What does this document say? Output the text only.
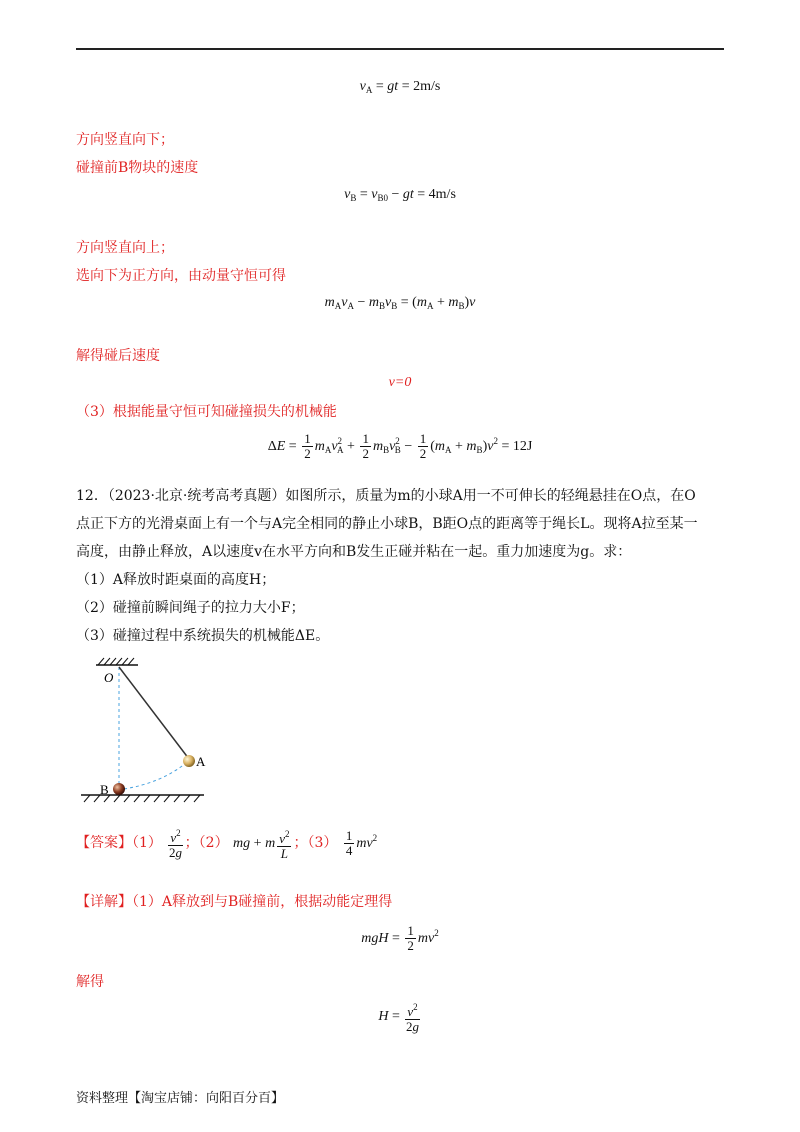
$v_A$ = gt = 2m/s
方向竖直向下；
碰撞前B物块的速度
$v_B = v_{B0}$ − gt = 4m/s
方向竖直向上；
选向下为正方向，由动量守恒可得
$m_Av_A - m_Bv_B = (m_A + m_B)v$
解得碰后速度
v=0
（3）根据能量守恒可知碰撞损失的机械能
$\Delta E = \frac{1}{2} m_Av^2_A + \frac{1}{2} m_Bv^2_B - \frac{1}{2} (m_A + m_B)v^2 = 12J$
12．（2023·北京·统考高考真题）如图所示，质量为m的小球A用一不可伸长的轻绳悬挂在O点，在O
点正下方的光滑桌面上有一个与A完全相同的静止小球B，B距O点的距离等于绳长L。现将A拉至某一
高度，由静止释放，A以速度v在水平方向和B发生正碰并粘在一起。重力加速度为g。求：
（1）A释放时距桌面的高度H；
（2）碰撞前瞬间绳子的拉力大小F；
（3）碰撞过程中系统损失的机械能ΔE。
O
A
B
【答案】$(1) \frac{v^2}{2g}$ ；（2） mg + m $\frac{v^2}{L}$ ；$(3) \frac{1}{4} mv^2$
【详解】（1）A释放到与B碰撞前，根据动能定理得
mgH = $\frac{1}{2} mv^2$
解得
$H = \frac{v^2}{2g}$
资料整理【淘宝店铺：向阳百分百】
